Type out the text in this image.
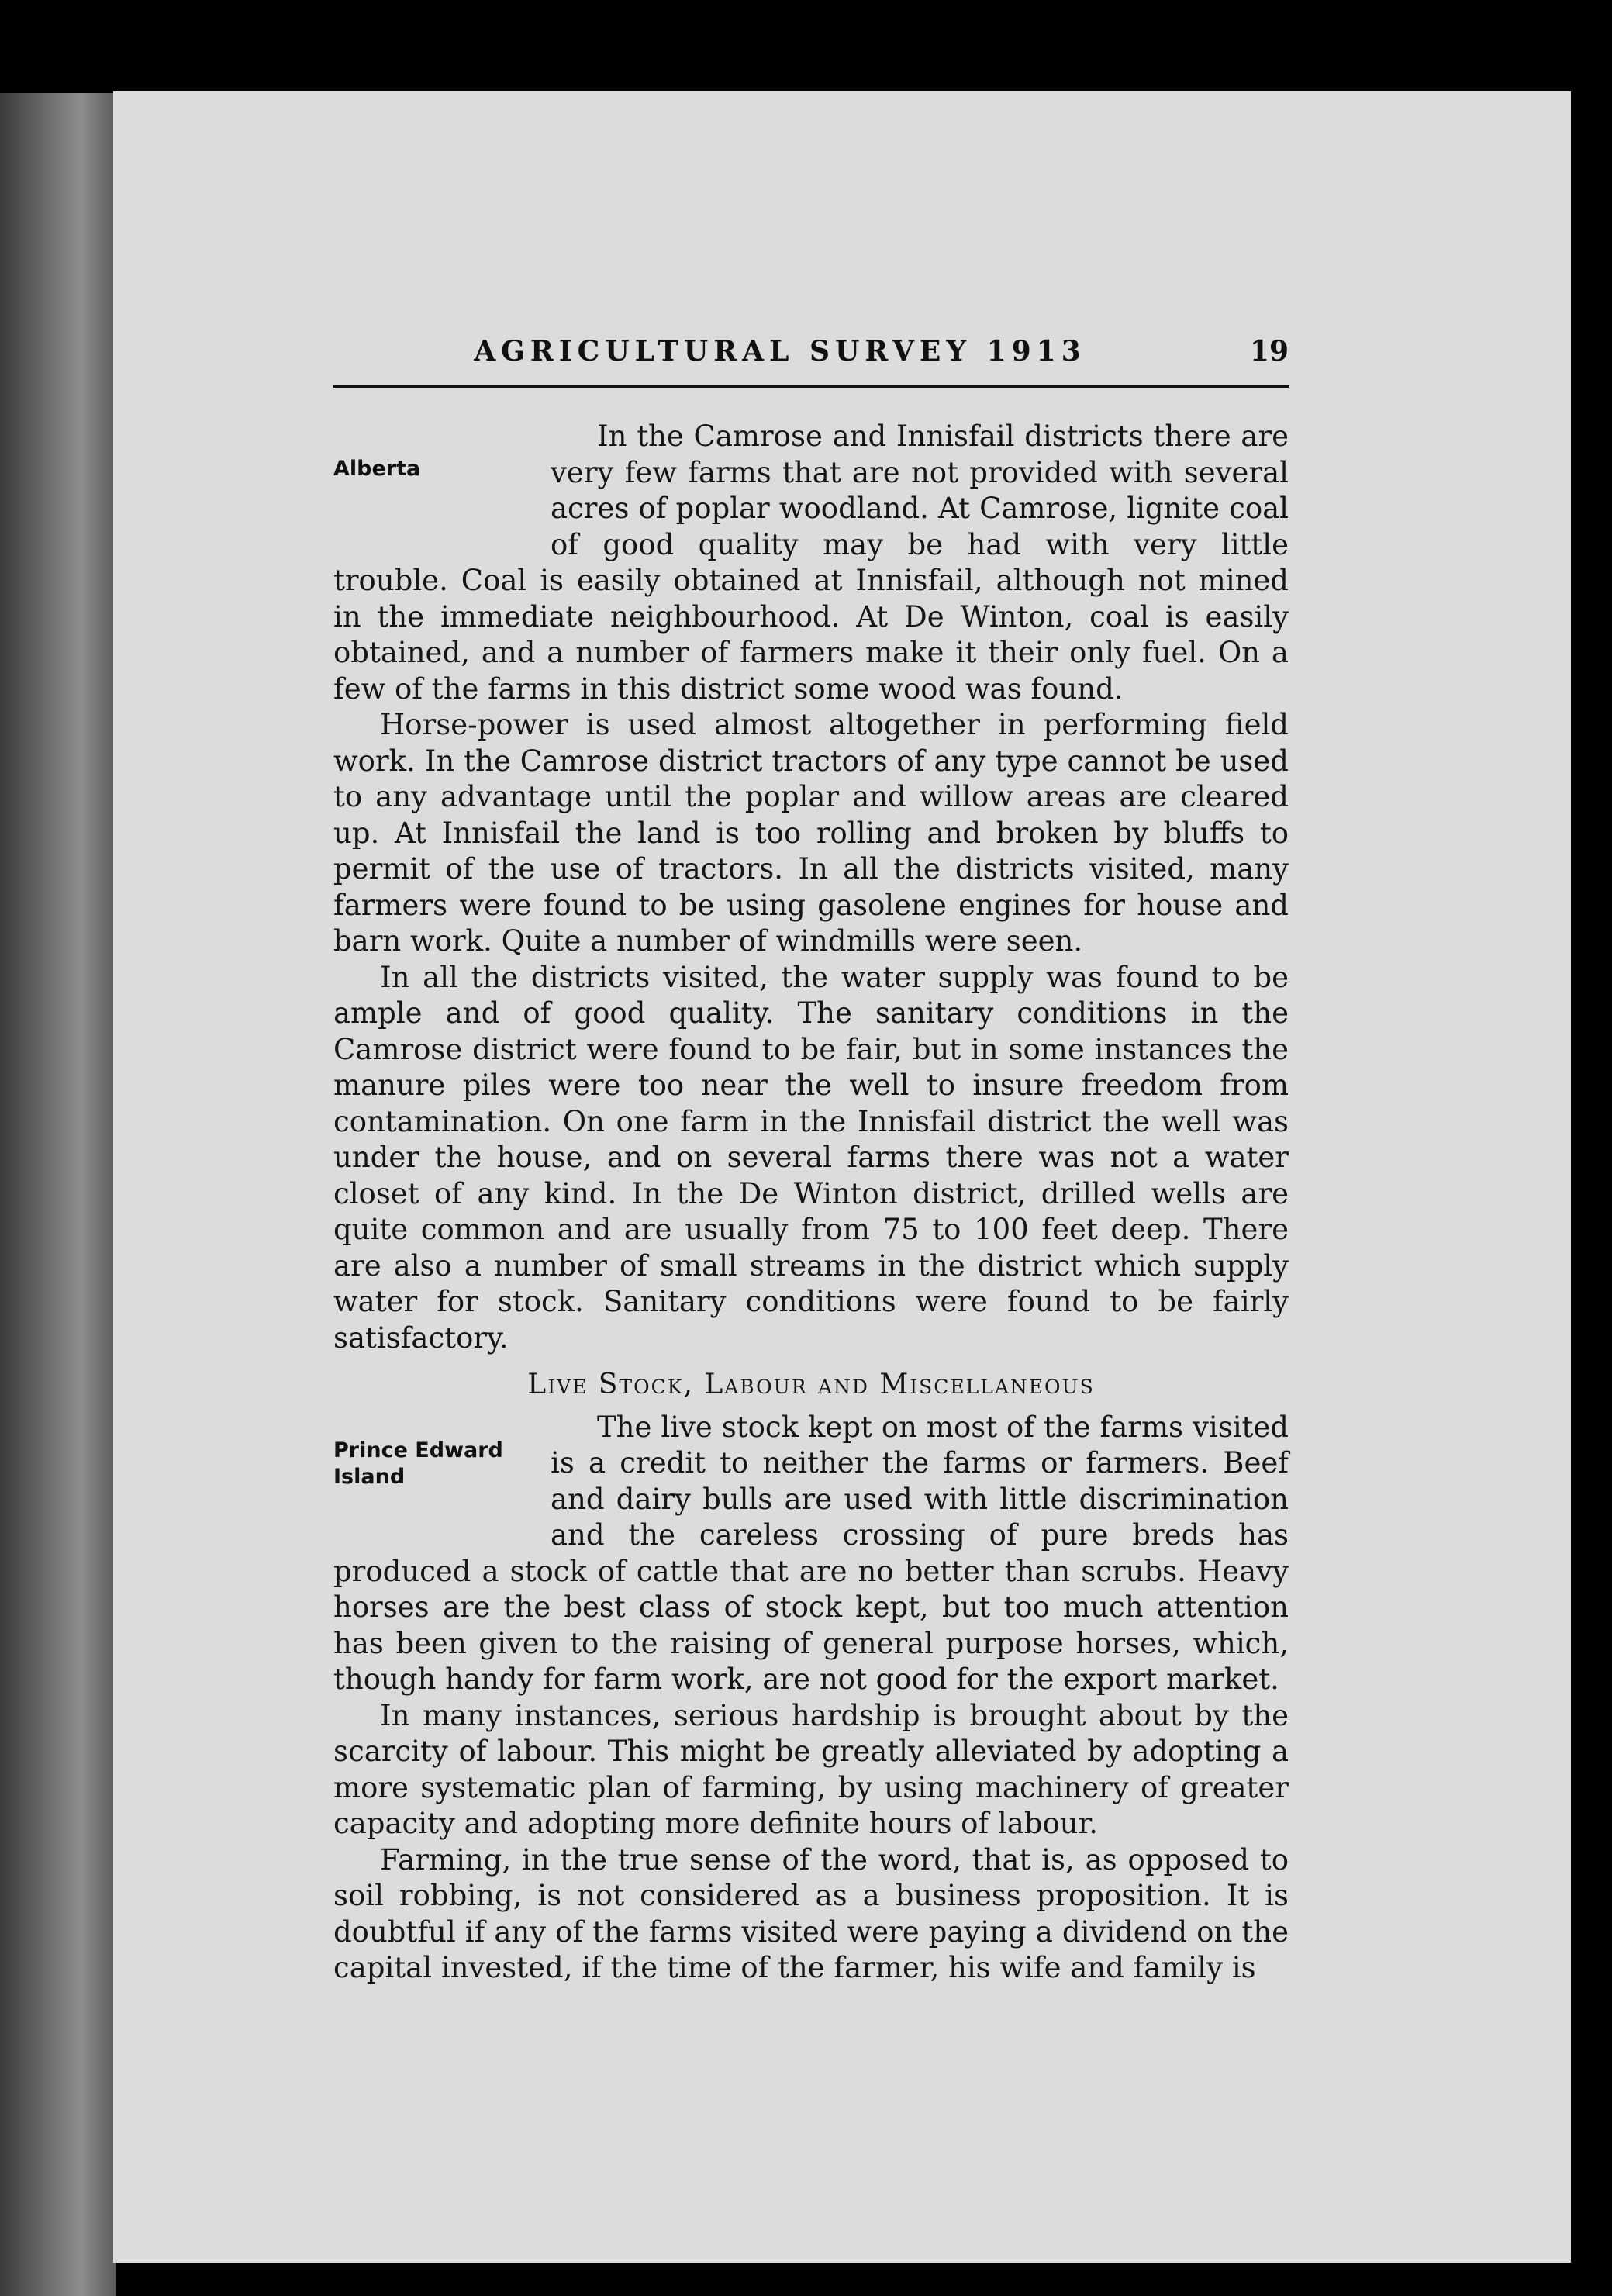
AGRICULTURAL SURVEY 1913	19
Alberta

In the Camrose and Innisfail districts there are very few farms that are not provided with several acres of poplar woodland. At Camrose, lignite coal of good quality may be had with very little trouble. Coal is easily obtained at Innisfail, although not mined in the immediate neighbourhood. At De Winton, coal is easily obtained, and a number of farmers make it their only fuel. On a few of the farms in this district some wood was found.

Horse-power is used almost altogether in performing field work. In the Camrose district tractors of any type cannot be used to any advantage until the poplar and willow areas are cleared up. At Innisfail the land is too rolling and broken by bluffs to permit of the use of tractors. In all the districts visited, many farmers were found to be using gasolene engines for house and barn work. Quite a number of windmills were seen.

In all the districts visited, the water supply was found to be ample and of good quality. The sanitary conditions in the Camrose district were found to be fair, but in some instances the manure piles were too near the well to insure freedom from contamination. On one farm in the Innisfail district the well was under the house, and on several farms there was not a water closet of any kind. In the De Winton district, drilled wells are quite common and are usually from 75 to 100 feet deep. There are also a number of small streams in the district which supply water for stock. Sanitary conditions were found to be fairly satisfactory.

Live Stock, Labour and Miscellaneous
Prince Edward Island

The live stock kept on most of the farms visited is a credit to neither the farms or farmers. Beef and dairy bulls are used with little discrimination and the careless crossing of pure breds has produced a stock of cattle that are no better than scrubs. Heavy horses are the best class of stock kept, but too much attention has been given to the raising of general purpose horses, which, though handy for farm work, are not good for the export market.

In many instances, serious hardship is brought about by the scarcity of labour. This might be greatly alleviated by adopting a more systematic plan of farming, by using machinery of greater capacity and adopting more definite hours of labour.

Farming, in the true sense of the word, that is, as opposed to soil robbing, is not considered as a business proposition. It is doubtful if any of the farms visited were paying a dividend on the capital invested, if the time of the farmer, his wife and family is
